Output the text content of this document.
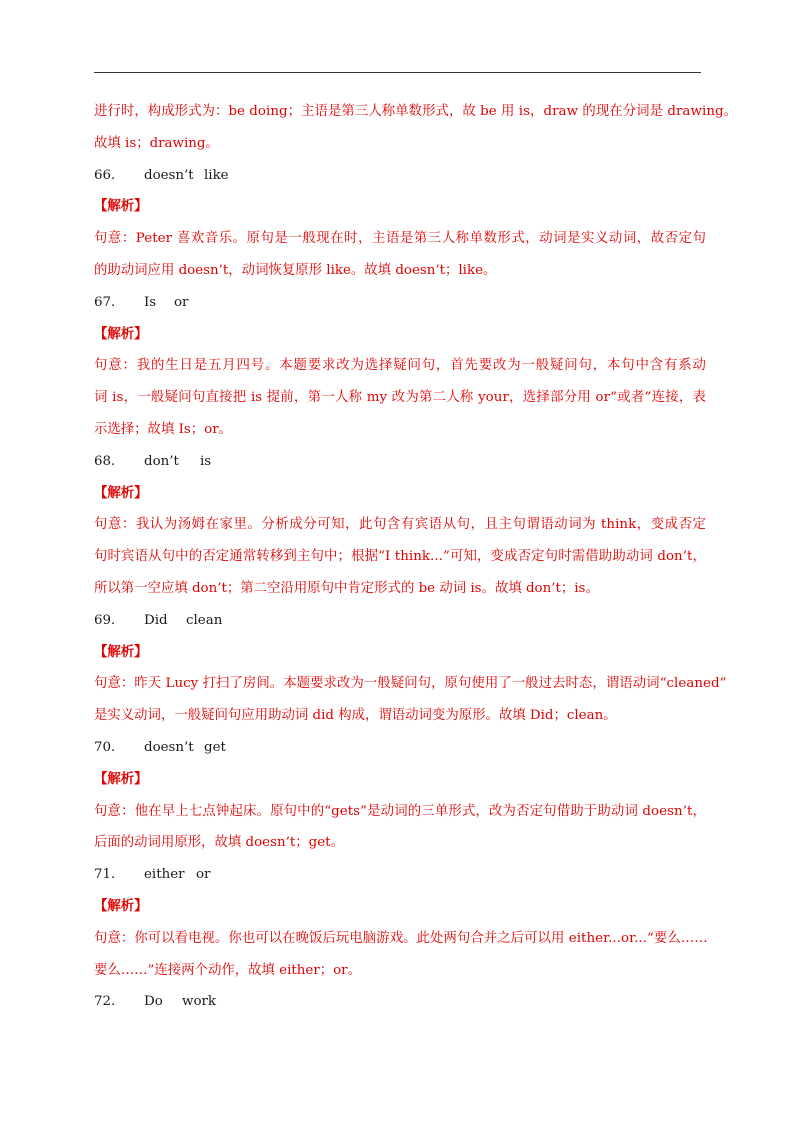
进行时，构成形式为：be doing；主语是第三人称单数形式，故 be 用 is，draw 的现在分词是 drawing。
故填 is；drawing。
66． doesn’t like
【解析】
句意：Peter 喜欢音乐。原句是一般现在时，主语是第三人称单数形式，动词是实义动词，故否定句
的助动词应用 doesn’t，动词恢复原形 like。故填 doesn’t；like。
67． Is or
【解析】
句意：我的生日是五月四号。本题要求改为选择疑问句，首先要改为一般疑问句，本句中含有系动
词 is，一般疑问句直接把 is 提前，第一人称 my 改为第二人称 your，选择部分用 or“或者”连接，表
示选择；故填 Is；or。
68． don’t is
【解析】
句意：我认为汤姆在家里。分析成分可知，此句含有宾语从句，且主句谓语动词为 think，变成否定
句时宾语从句中的否定通常转移到主句中；根据“I think...”可知，变成否定句时需借助助动词 don’t，
所以第一空应填 don’t；第二空沿用原句中肯定形式的 be 动词 is。故填 don’t；is。
69． Did clean
【解析】
句意：昨天 Lucy 打扫了房间。本题要求改为一般疑问句，原句使用了一般过去时态，谓语动词“cleaned”
是实义动词，一般疑问句应用助动词 did 构成，谓语动词变为原形。故填 Did；clean。
70． doesn’t get
【解析】
句意：他在早上七点钟起床。原句中的“gets”是动词的三单形式，改为否定句借助于助动词 doesn’t，
后面的动词用原形，故填 doesn’t；get。
71． either or
【解析】
句意：你可以看电视。你也可以在晚饭后玩电脑游戏。此处两句合并之后可以用 either...or...“要么……
要么……”连接两个动作，故填 either；or。
72． Do work
